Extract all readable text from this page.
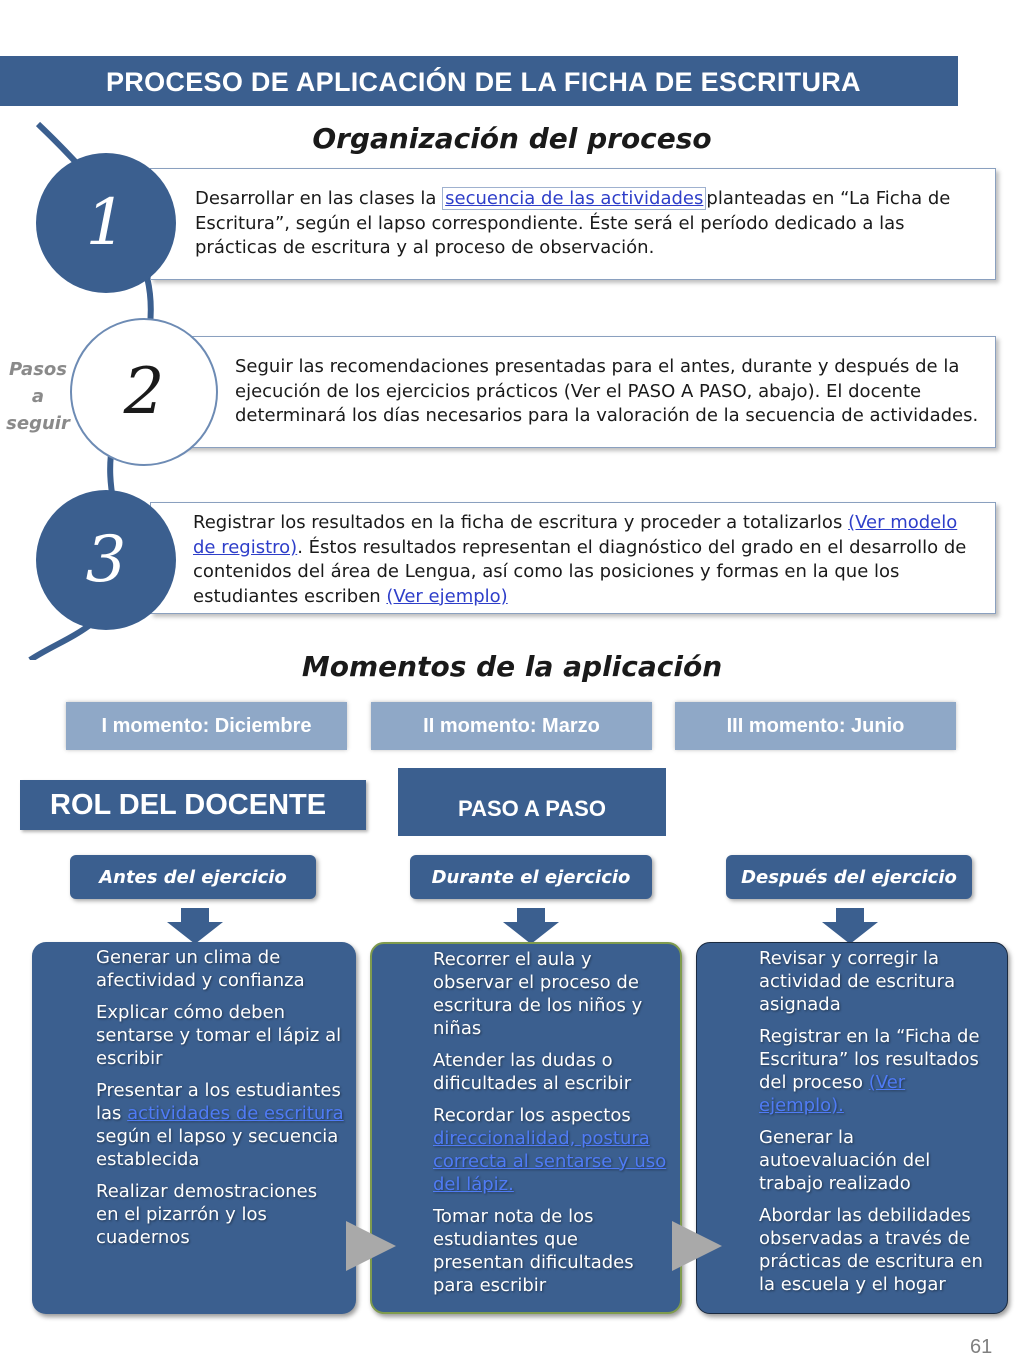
PROCESO DE APLICACIÓN DE LA FICHA DE ESCRITURA
Organización del proceso
Desarrollar en las clases la secuencia de las actividades planteadas en “La Ficha de Escritura”, según el lapso correspondiente. Éste será el período dedicado a las prácticas de escritura y al proceso de observación.
1
Seguir las recomendaciones presentadas para el antes, durante y después de la ejecución de los ejercicios prácticos (Ver el PASO A PASO, abajo). El docente determinará los días necesarios para la valoración de la secuencia de actividades.
2
Pasos
a
seguir
Registrar los resultados en la ficha de escritura y proceder a totalizarlos (Ver modelo de registro). Éstos resultados representan el diagnóstico del grado en el desarrollo de contenidos del área de Lengua, así como las posiciones y formas en la que los estudiantes escriben (Ver ejemplo)
3
Momentos de la aplicación
I momento: Diciembre	II momento: Marzo	III momento: Junio
ROL DEL DOCENTE	PASO A PASO
Antes del ejercicio	Durante el ejercicio	Después del ejercicio
Generar un clima de afectividad y confianza
Explicar cómo deben sentarse y tomar el lápiz al escribir
Presentar a los estudiantes las actividades de escritura según el lapso y secuencia establecida
Realizar demostraciones en el pizarrón y los cuadernos
Recorrer el aula y observar el proceso de escritura de los niños y niñas
Atender las dudas o dificultades al escribir
Recordar los aspectos direccionalidad, postura correcta al sentarse y uso del lápiz.
Tomar nota de los estudiantes que presentan dificultades para escribir
Revisar y corregir la actividad de escritura asignada
Registrar en la “Ficha de Escritura” los resultados del proceso (Ver ejemplo).
Generar la autoevaluación del trabajo realizado
Abordar las debilidades observadas a través de prácticas de escritura en la escuela y el hogar
61
